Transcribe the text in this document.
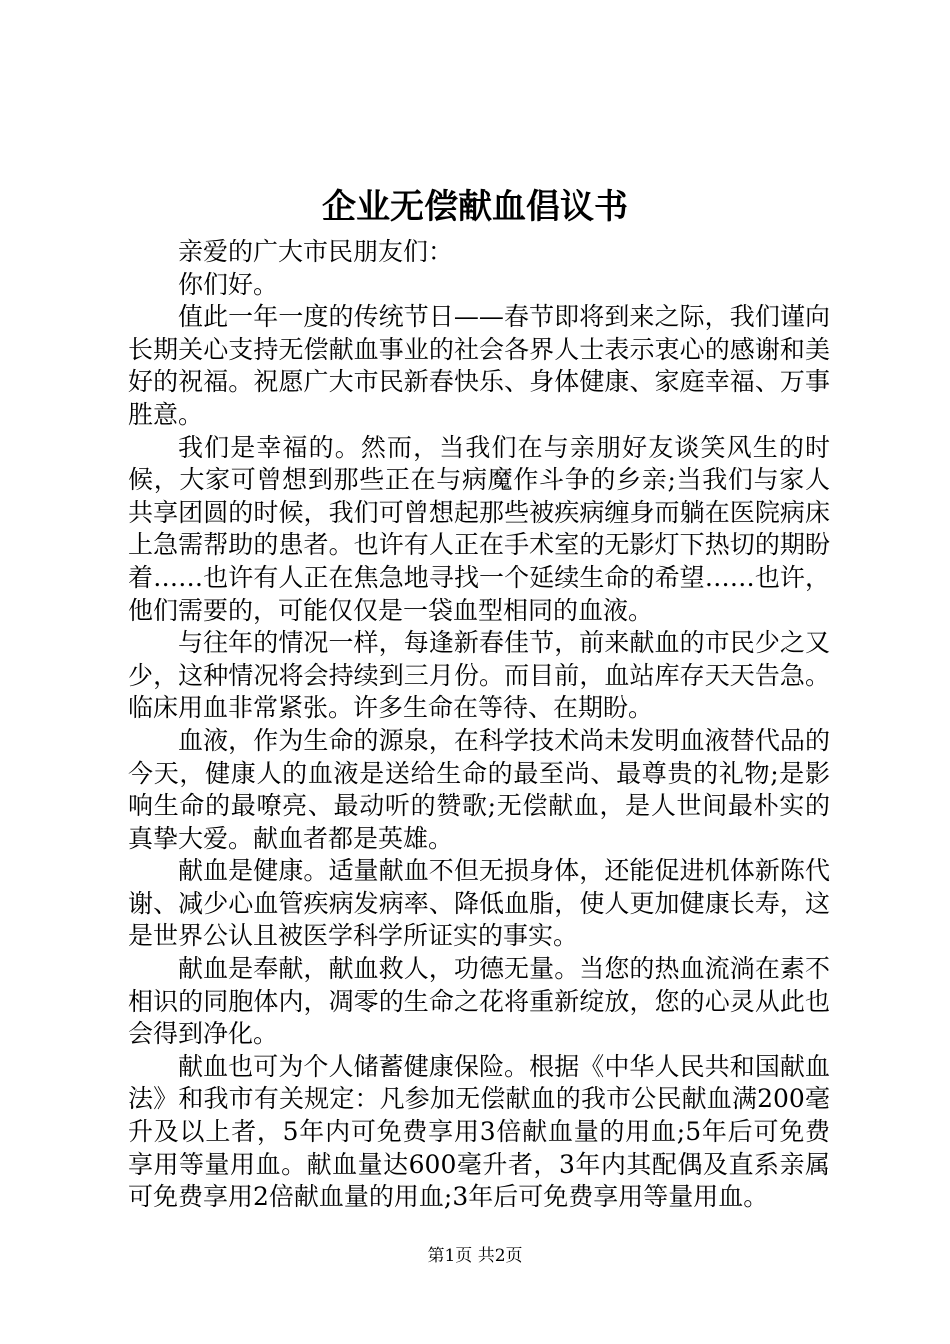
企业无偿献血倡议书

亲爱的广大市民朋友们：

你们好。

值此一年一度的传统节日——春节即将到来之际，我们谨向长期关心支持无偿献血事业的社会各界人士表示衷心的感谢和美好的祝福。祝愿广大市民新春快乐、身体健康、家庭幸福、万事胜意。

我们是幸福的。然而，当我们在与亲朋好友谈笑风生的时候，大家可曾想到那些正在与病魔作斗争的乡亲;当我们与家人共享团圆的时候，我们可曾想起那些被疾病缠身而躺在医院病床上急需帮助的患者。也许有人正在手术室的无影灯下热切的期盼着……也许有人正在焦急地寻找一个延续生命的希望……也许，他们需要的，可能仅仅是一袋血型相同的血液。

与往年的情况一样，每逢新春佳节，前来献血的市民少之又少，这种情况将会持续到三月份。而目前，血站库存天天告急。临床用血非常紧张。许多生命在等待、在期盼。

血液，作为生命的源泉，在科学技术尚未发明血液替代品的今天，健康人的血液是送给生命的最至尚、最尊贵的礼物;是影响生命的最嘹亮、最动听的赞歌;无偿献血，是人世间最朴实的真挚大爱。献血者都是英雄。

献血是健康。适量献血不但无损身体，还能促进机体新陈代谢、减少心血管疾病发病率、降低血脂，使人更加健康长寿，这是世界公认且被医学科学所证实的事实。

献血是奉献，献血救人，功德无量。当您的热血流淌在素不相识的同胞体内，凋零的生命之花将重新绽放，您的心灵从此也会得到净化。

献血也可为个人储蓄健康保险。根据《中华人民共和国献血法》和我市有关规定：凡参加无偿献血的我市公民献血满200毫升及以上者，5年内可免费享用3倍献血量的用血;5年后可免费享用等量用血。献血量达600毫升者，3年内其配偶及直系亲属可免费享用2倍献血量的用血;3年后可免费享用等量用血。

第1页 共2页
